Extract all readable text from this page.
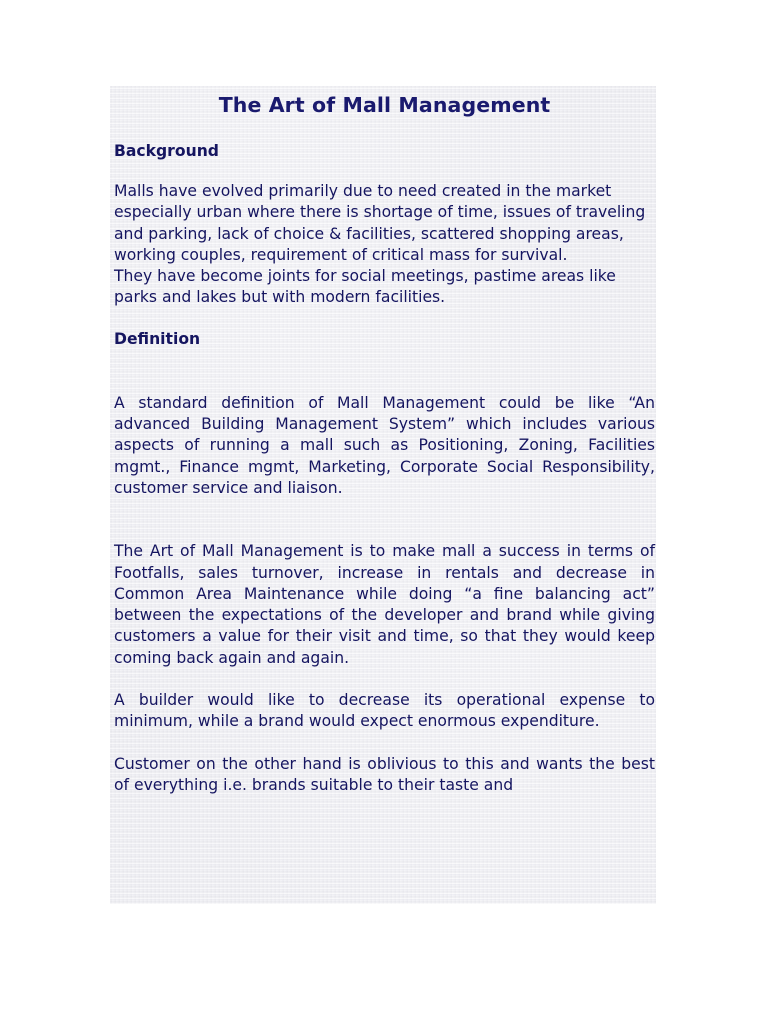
The Art of Mall Management
Background

Malls have evolved primarily due to need created in the market especially urban where there is shortage of time, issues of traveling and parking, lack of choice & facilities, scattered shopping areas, working couples, requirement of critical mass for survival.

They have become joints for social meetings, pastime areas like parks and lakes but with modern facilities.

Definition

A standard definition of Mall Management could be like “An advanced Building Management System” which includes various aspects of running a mall such as Positioning, Zoning, Facilities mgmt., Finance mgmt, Marketing, Corporate Social Responsibility, customer service and liaison.

The Art of Mall Management is to make mall a success in terms of Footfalls, sales turnover, increase in rentals and decrease in Common Area Maintenance while doing “a fine balancing act” between the expectations of the developer and brand while giving customers a value for their visit and time, so that they would keep coming back again and again.

A builder would like to decrease its operational expense to minimum, while a brand would expect enormous expenditure.

Customer on the other hand is oblivious to this and wants the best of everything i.e. brands suitable to their taste and
